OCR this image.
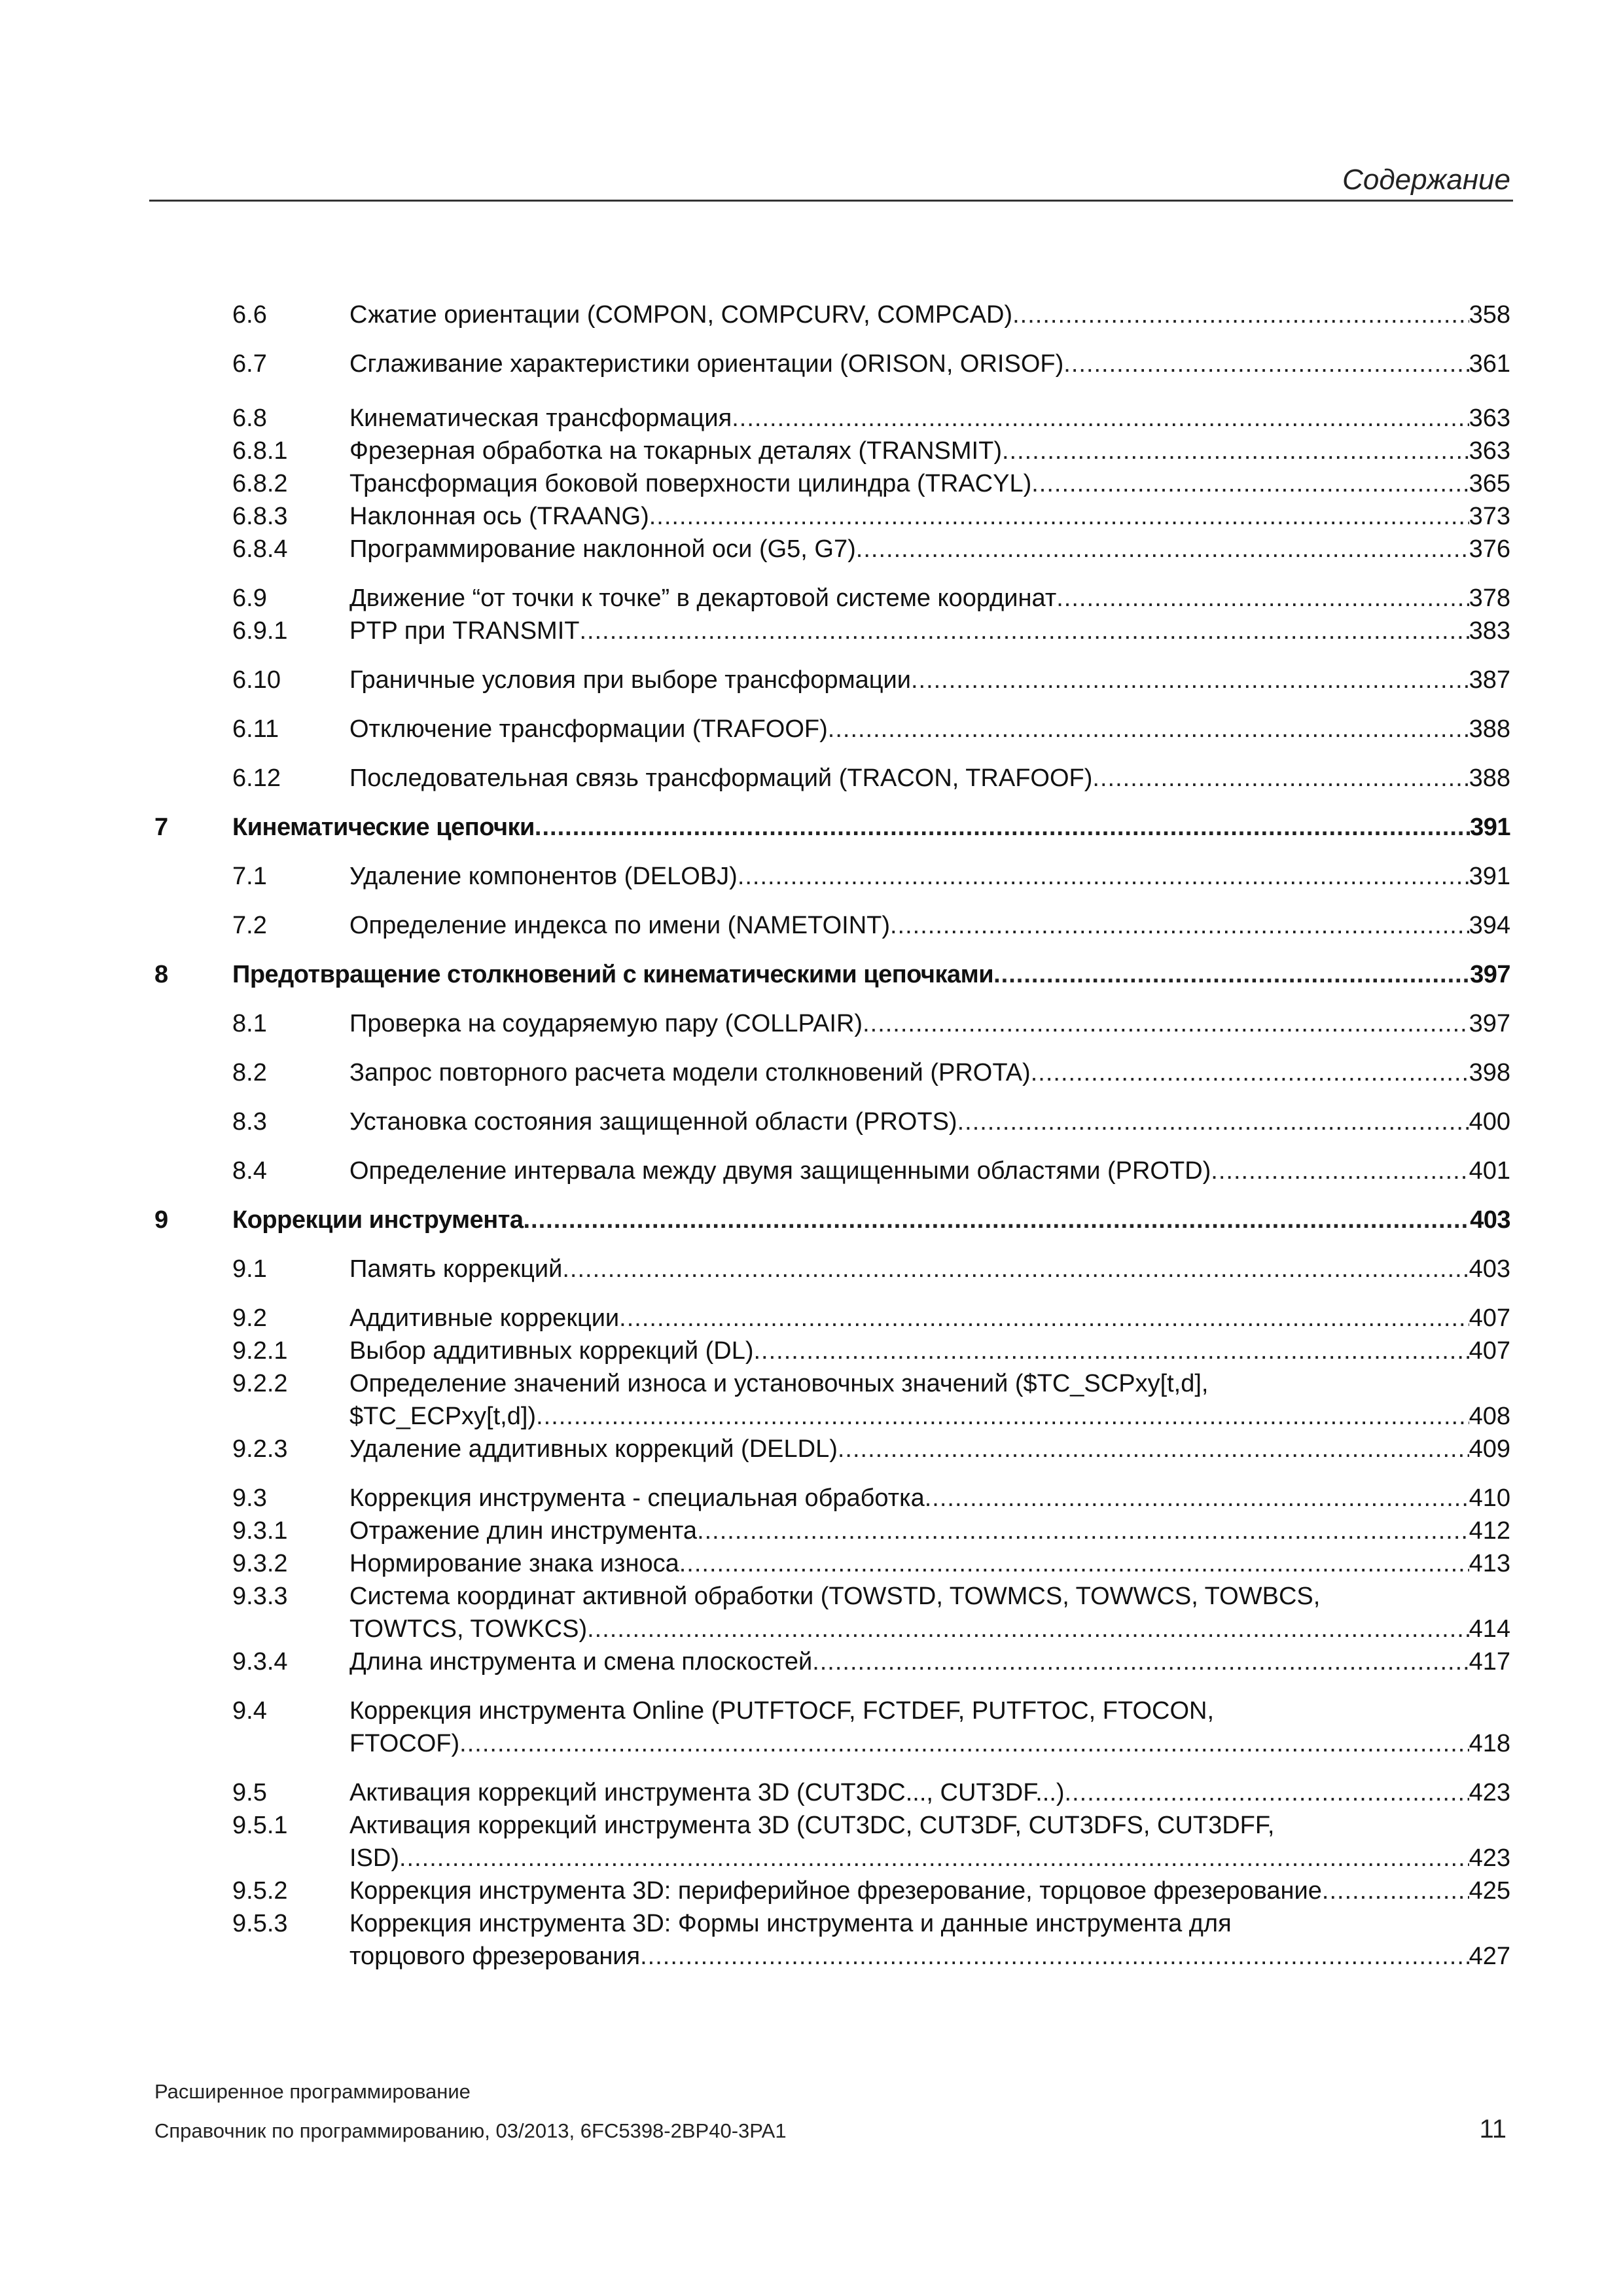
Содержание
6.6	Сжатие ориентации (COMPON, COMPCURV, COMPCAD) .....	358
6.7	Сглаживание характеристики ориентации (ORISON, ORISOF) .....	361
6.8	Кинематическая трансформация .....	363
6.8.1 Фрезерная обработка на токарных деталях (TRANSMIT) .....	363
6.8.2 Трансформация боковой поверхности цилиндра (TRACYL) .....	365
6.8.3 Наклонная ось (TRAANG) .....	373
6.8.4 Программирование наклонной оси (G5, G7) .....	376
6.9	Движение “от точки к точке” в декартовой системе координат .....	378
6.9.1 PTP при TRANSMIT .....	383
6.10	Граничные условия при выборе трансформации .....	387
6.11	Отключение трансформации (TRAFOOF) .....	388
6.12	Последовательная связь трансформаций (TRACON, TRAFOOF) .....	388
7	Кинематические цепочки .....	391
7.1	Удаление компонентов (DELOBJ) .....	391
7.2	Определение индекса по имени (NAMETOINT) .....	394
8	Предотвращение столкновений с кинематическими цепочками .....	397
8.1	Проверка на соударяемую пару (COLLPAIR) .....	397
8.2	Запрос повторного расчета модели столкновений (PROTA) .....	398
8.3	Установка состояния защищенной области (PROTS) .....	400
8.4	Определение интервала между двумя защищенными областями (PROTD) .....	401
9	Коррекции инструмента .....	403
9.1	Память коррекций .....	403
9.2	Аддитивные коррекции .....	407
9.2.1 Выбор аддитивных коррекций (DL) .....	407
9.2.2 Определение значений износа и установочных значений ($TC_SCPxy[t,d],
$TC_ECPxy[t,d]) .....	408
9.2.3 Удаление аддитивных коррекций (DELDL) .....	409
9.3	Коррекция инструмента - специальная обработка .....	410
9.3.1 Отражение длин инструмента .....	412
9.3.2 Нормирование знака износа .....	413
9.3.3 Система координат активной обработки (TOWSTD, TOWMCS, TOWWCS, TOWBCS,
TOWTCS, TOWKCS) .....	414
9.3.4 Длина инструмента и смена плоскостей .....	417
9.4	Коррекция инструмента Online (PUTFTOCF, FCTDEF, PUTFTOC, FTOCON,
FTOCOF) .....	418
9.5	Активация коррекций инструмента 3D (CUT3DC..., CUT3DF...) .....	423
9.5.1 Активация коррекций инструмента 3D (CUT3DC, CUT3DF, CUT3DFS, CUT3DFF,
ISD) .....	423
9.5.2 Коррекция инструмента 3D: периферийное фрезерование, торцовое фрезерование .....	425
9.5.3 Коррекция инструмента 3D: Формы инструмента и данные инструмента для
торцового фрезерования .....	427
Расширенное программирование
Справочник по программированию, 03/2013, 6FC5398-2BP40-3PA1	11
